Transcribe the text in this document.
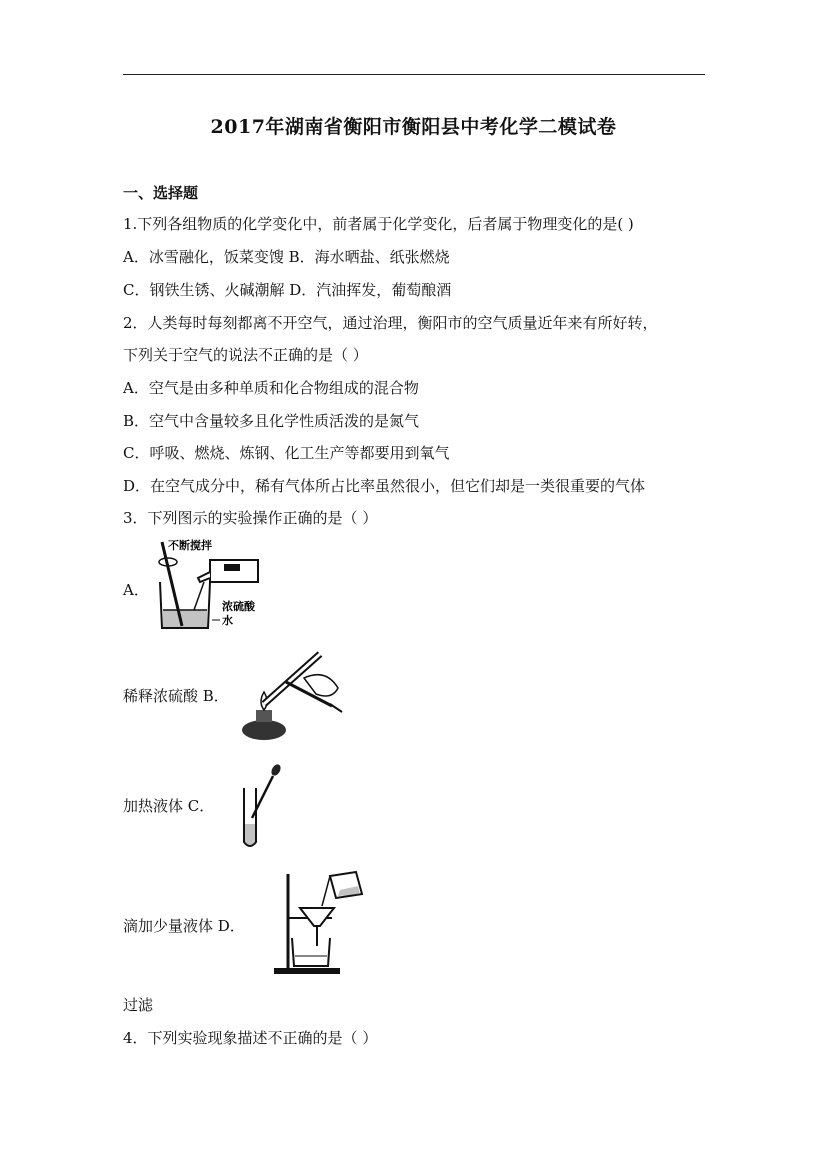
2017年湖南省衡阳市衡阳县中考化学二模试卷
一、选择题
1.下列各组物质的化学变化中，前者属于化学变化，后者属于物理变化的是( )
A．冰雪融化，饭菜变馊 B．海水晒盐、纸张燃烧
C．钢铁生锈、火碱潮解 D．汽油挥发，葡萄酿酒
2．人类每时每刻都离不开空气，通过治理，衡阳市的空气质量近年来有所好转，
下列关于空气的说法不正确的是（ ）
A．空气是由多种单质和化合物组成的混合物
B．空气中含量较多且化学性质活泼的是氮气
C．呼吸、燃烧、炼钢、化工生产等都要用到氧气
D．在空气成分中，稀有气体所占比率虽然很小，但它们却是一类很重要的气体
3．下列图示的实验操作正确的是（ ）
A．
不断搅拌
浓硫酸
水
稀释浓硫酸 B．
加热液体 C．
滴加少量液体 D．
过滤
4．下列实验现象描述不正确的是（ ）
